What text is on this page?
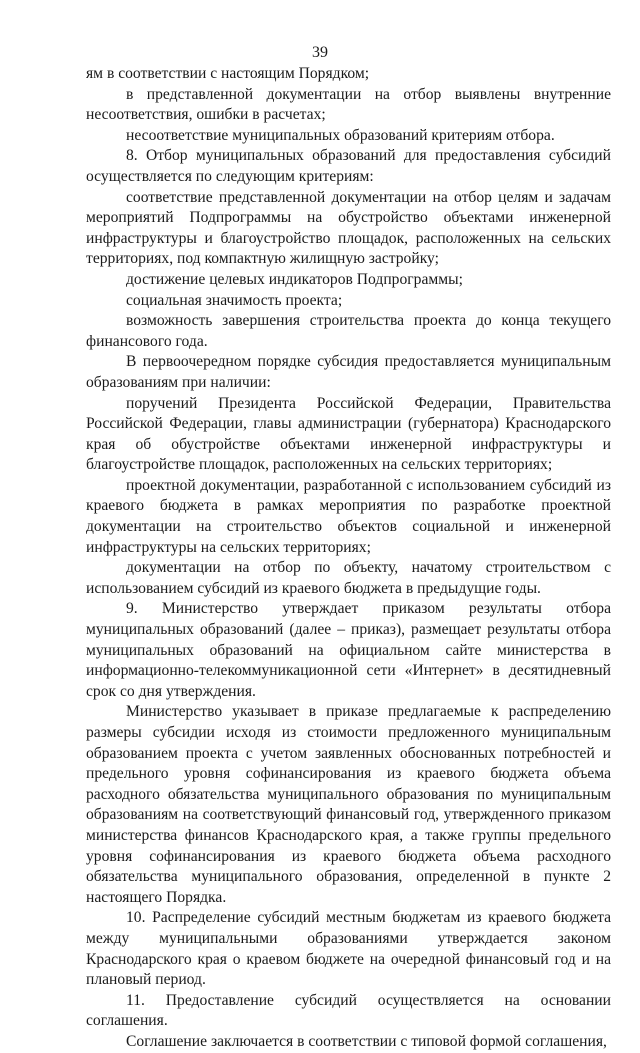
39

ям в соответствии с настоящим Порядком;

в представленной документации на отбор выявлены внутренние несоответствия, ошибки в расчетах;

несоответствие муниципальных образований критериям отбора.

8. Отбор муниципальных образований для предоставления субсидий осуществляется по следующим критериям:

соответствие представленной документации на отбор целям и задачам мероприятий Подпрограммы на обустройство объектами инженерной инфраструктуры и благоустройство площадок, расположенных на сельских территориях, под компактную жилищную застройку;

достижение целевых индикаторов Подпрограммы;

социальная значимость проекта;

возможность завершения строительства проекта до конца текущего финансового года.

В первоочередном порядке субсидия предоставляется муниципальным образованиям при наличии:

поручений Президента Российской Федерации, Правительства Российской Федерации, главы администрации (губернатора) Краснодарского края об обустройстве объектами инженерной инфраструктуры и благоустройстве площадок, расположенных на сельских территориях;

проектной документации, разработанной с использованием субсидий из краевого бюджета в рамках мероприятия по разработке проектной документации на строительство объектов социальной и инженерной инфраструктуры на сельских территориях;

документации на отбор по объекту, начатому строительством с использованием субсидий из краевого бюджета в предыдущие годы.

9. Министерство утверждает приказом результаты отбора муниципальных образований (далее – приказ), размещает результаты отбора муниципальных образований на официальном сайте министерства в информационно-телекоммуникационной сети «Интернет» в десятидневный срок со дня утверждения.

Министерство указывает в приказе предлагаемые к распределению размеры субсидии исходя из стоимости предложенного муниципальным образованием проекта с учетом заявленных обоснованных потребностей и предельного уровня софинансирования из краевого бюджета объема расходного обязательства муниципального образования по муниципальным образованиям на соответствующий финансовый год, утвержденного приказом министерства финансов Краснодарского края, а также группы предельного уровня софинансирования из краевого бюджета объема расходного обязательства муниципального образования, определенной в пункте 2 настоящего Порядка.

10. Распределение субсидий местным бюджетам из краевого бюджета между муниципальными образованиями утверждается законом Краснодарского края о краевом бюджете на очередной финансовый год и на плановый период.

11. Предоставление субсидий осуществляется на основании соглашения.

Соглашение заключается в соответствии с типовой формой соглашения,
